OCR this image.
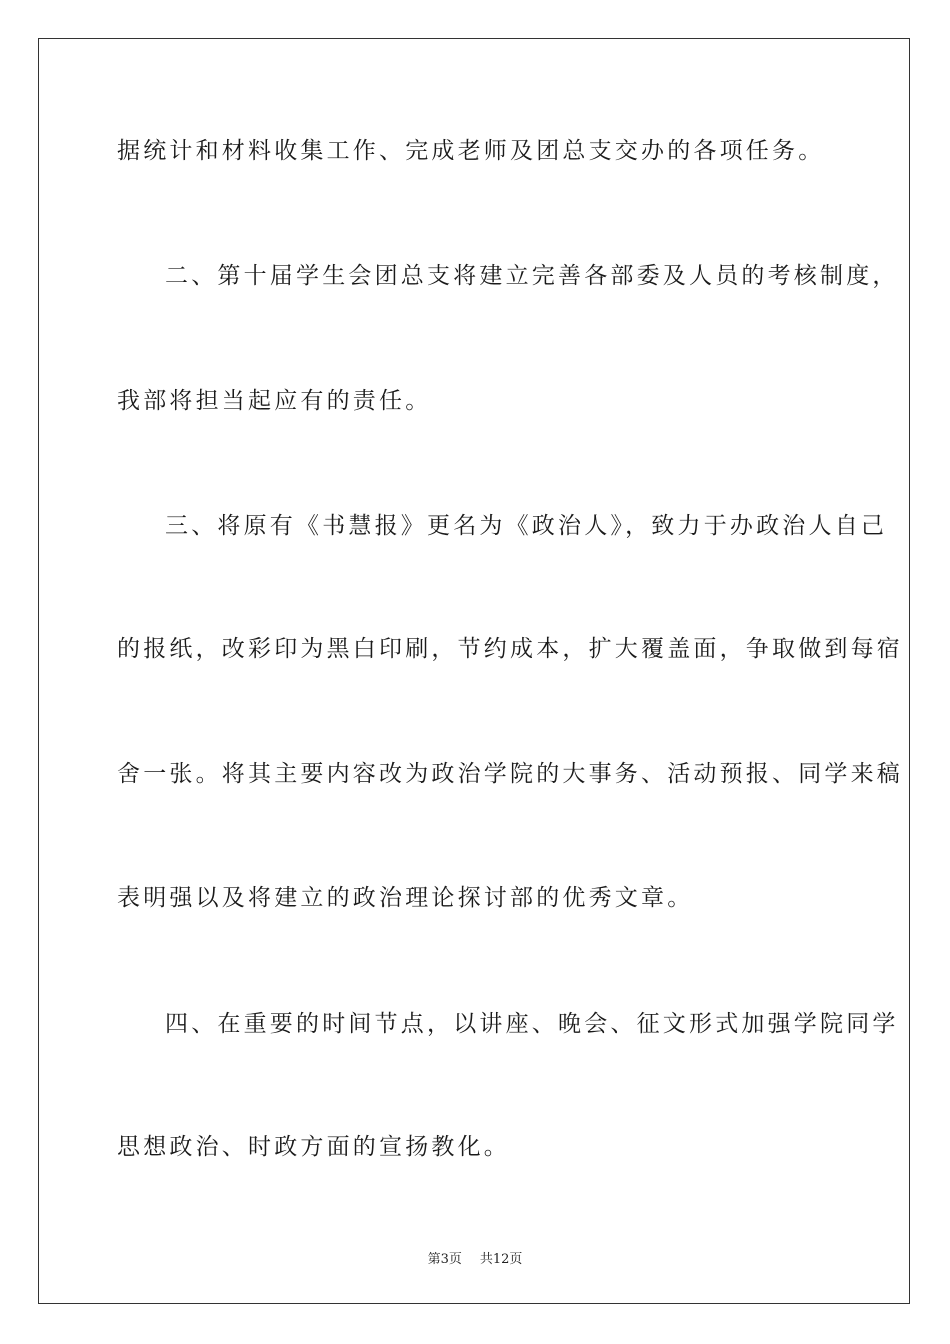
据统计和材料收集工作、完成老师及团总支交办的各项任务。
二、第十届学生会团总支将建立完善各部委及人员的考核制度，
我部将担当起应有的责任。
三、将原有《书慧报》更名为《政治人》，致力于办政治人自己
的报纸，改彩印为黑白印刷，节约成本，扩大覆盖面，争取做到每宿
舍一张。将其主要内容改为政治学院的大事务、活动预报、同学来稿
表明强以及将建立的政治理论探讨部的优秀文章。
四、在重要的时间节点，以讲座、晚会、征文形式加强学院同学
思想政治、时政方面的宣扬教化。
第3页 共12页
